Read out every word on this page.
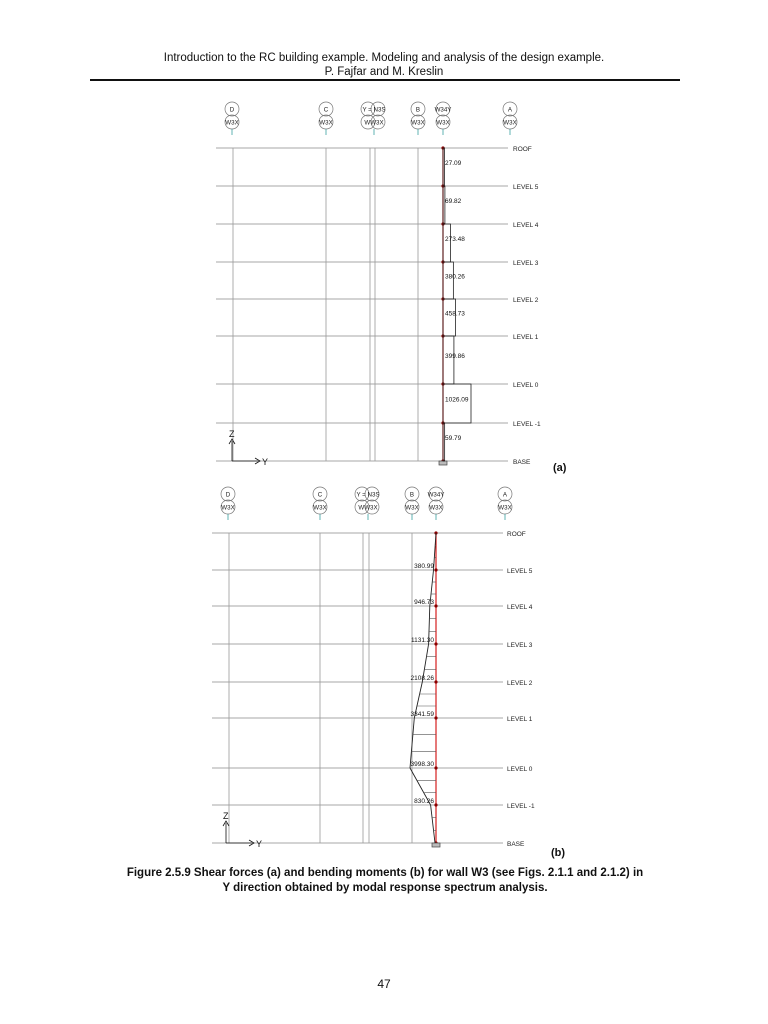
Introduction to the RC building example. Modeling and analysis of the design example.
P. Fajfar and M. Kreslin
ROOF
LEVEL 5
LEVEL 4
LEVEL 3
LEVEL 2
LEVEL 1
LEVEL 0
LEVEL -1
BASE
D
W3X
C
W3X
Y = N3S
WW3X
B
W3X
W34Y
W3X
A
W3X
Z
Y	(a)
27.09
69.82
273.48
380.26
458.73
399.86
1026.09
59.79
ROOF
LEVEL 5
LEVEL 4
LEVEL 3
LEVEL 2
LEVEL 1
LEVEL 0
LEVEL -1
BASE
D
W3X
C
W3X
Y = N3S
WW3X
B
W3X
W34Y
W3X
A
W3X
Z
Y
(b)
380.99
946.73
1131.30
2108.26
3341.59
3998.30
830.26
Figure 2.5.9 Shear forces (a) and bending moments (b) for wall W3 (see Figs. 2.1.1 and 2.1.2) in
Y direction obtained by modal response spectrum analysis.
47
